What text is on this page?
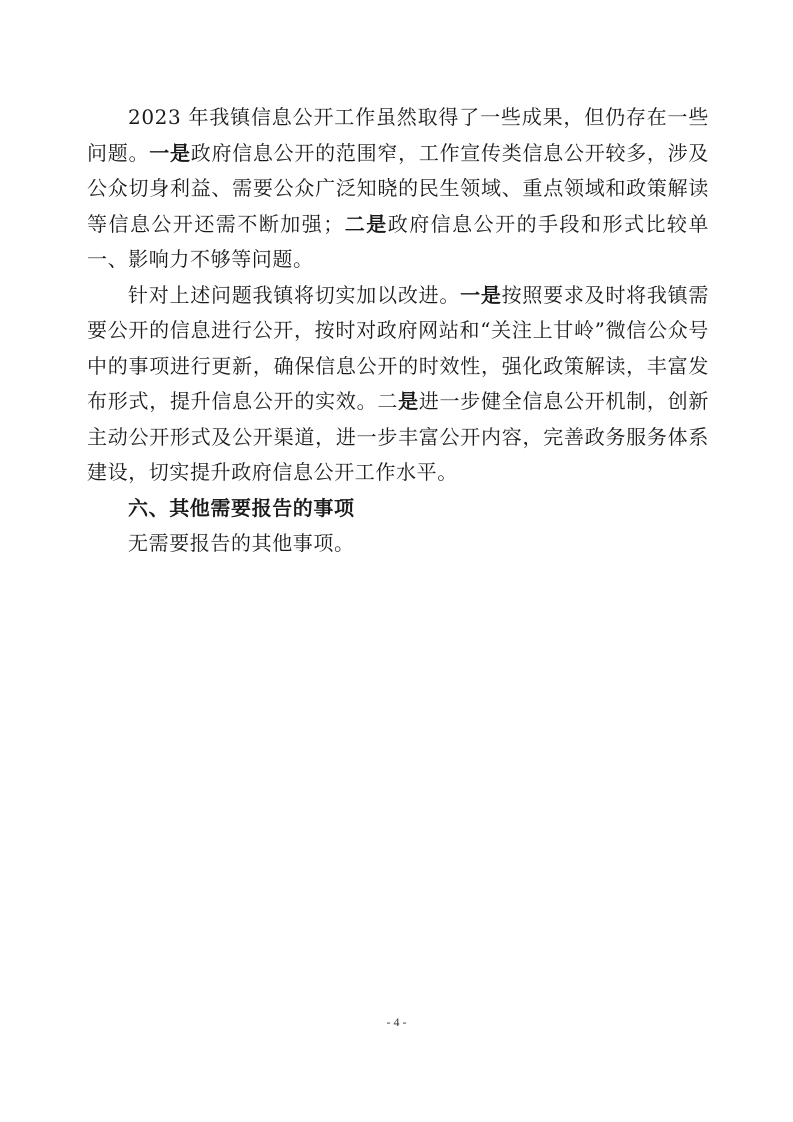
2023 年我镇信息公开工作虽然取得了一些成果，但仍存在一些问题。一是政府信息公开的范围窄，工作宣传类信息公开较多，涉及公众切身利益、需要公众广泛知晓的民生领域、重点领域和政策解读等信息公开还需不断加强；二是政府信息公开的手段和形式比较单一、影响力不够等问题。

针对上述问题我镇将切实加以改进。一是按照要求及时将我镇需要公开的信息进行公开，按时对政府网站和“关注上甘岭”微信公众号中的事项进行更新，确保信息公开的时效性，强化政策解读，丰富发布形式，提升信息公开的实效。二是进一步健全信息公开机制，创新主动公开形式及公开渠道，进一步丰富公开内容，完善政务服务体系建设，切实提升政府信息公开工作水平。

六、其他需要报告的事项

无需要报告的其他事项。

- 4 -
